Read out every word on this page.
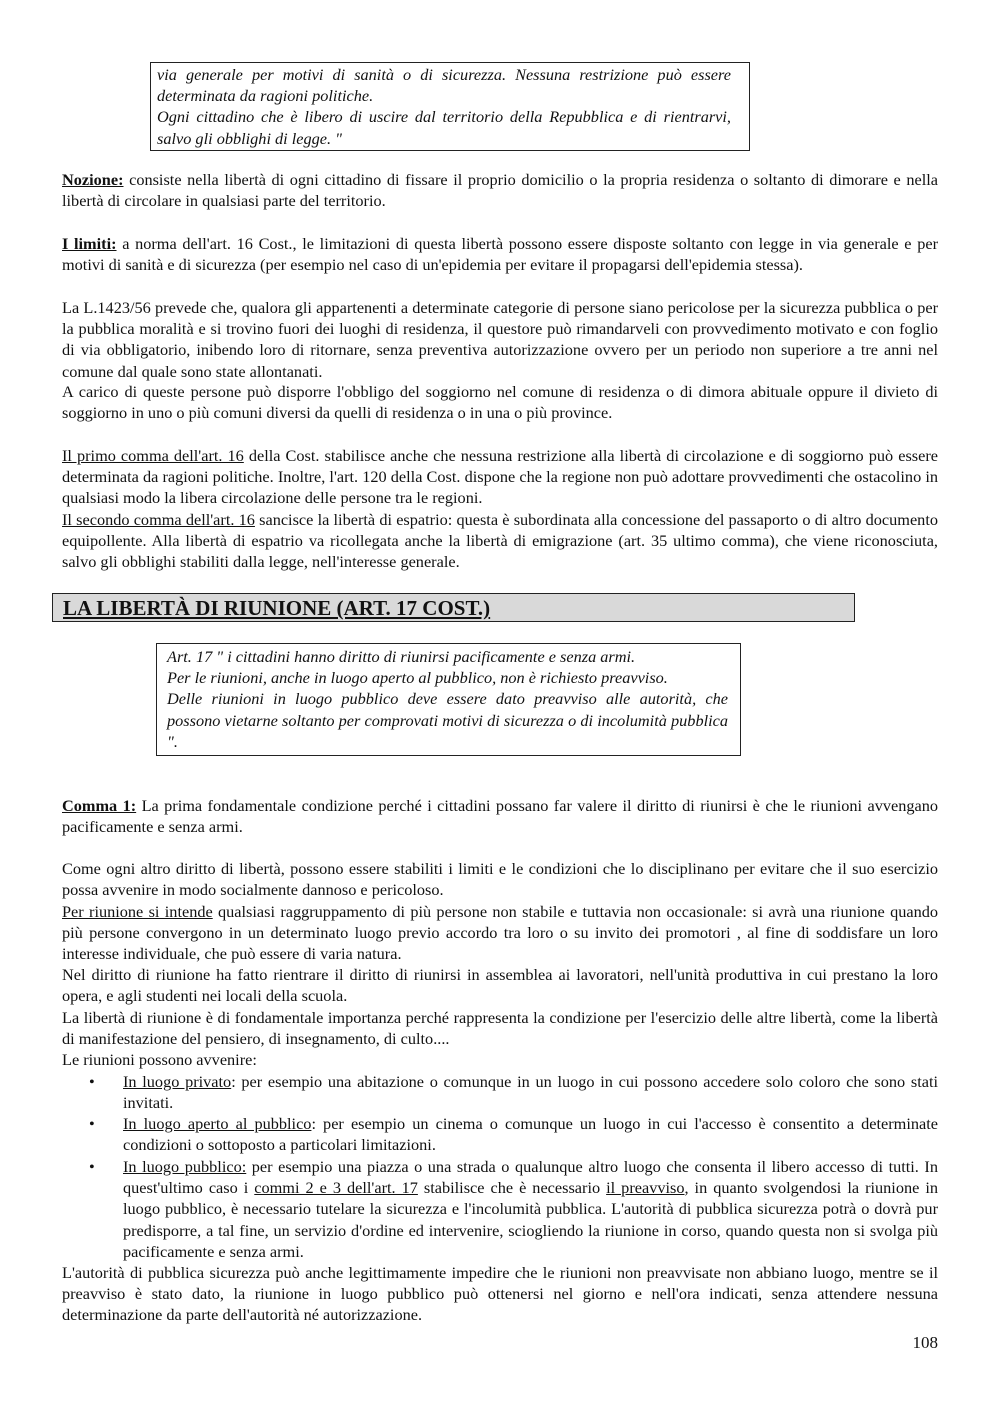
via generale per motivi di sanità o di sicurezza. Nessuna restrizione può essere determinata da ragioni politiche.
Ogni cittadino che è libero di uscire dal territorio della Repubblica e di rientrarvi, salvo gli obblighi di legge. "
Nozione: consiste nella libertà di ogni cittadino di fissare il proprio domicilio o la propria residenza o soltanto di dimorare e nella libertà di circolare in qualsiasi parte del territorio.
I limiti: a norma dell'art. 16 Cost., le limitazioni di questa libertà possono essere disposte soltanto con legge in via generale e per motivi di sanità e di sicurezza (per esempio nel caso di un'epidemia per evitare il propagarsi dell'epidemia stessa).
La L.1423/56 prevede che, qualora gli appartenenti a determinate categorie di persone siano pericolose per la sicurezza pubblica o per la pubblica moralità e si trovino fuori dei luoghi di residenza, il questore può rimandarveli con provvedimento motivato e con foglio di via obbligatorio, inibendo loro di ritornare, senza preventiva autorizzazione ovvero per un periodo non superiore a tre anni nel comune dal quale sono state allontanati.
A carico di queste persone può disporre l'obbligo del soggiorno nel comune di residenza o di dimora abituale oppure il divieto di soggiorno in uno o più comuni diversi da quelli di residenza o in una o più province.
Il primo comma dell'art. 16 della Cost. stabilisce anche che nessuna restrizione alla libertà di circolazione e di soggiorno può essere determinata da ragioni politiche. Inoltre, l'art. 120 della Cost. dispone che la regione non può adottare provvedimenti che ostacolino in qualsiasi modo la libera circolazione delle persone tra le regioni.
Il secondo comma dell'art. 16 sancisce la libertà di espatrio: questa è subordinata alla concessione del passaporto o di altro documento equipollente. Alla libertà di espatrio va ricollegata anche la libertà di emigrazione (art. 35 ultimo comma), che viene riconosciuta, salvo gli obblighi stabiliti dalla legge, nell'interesse generale.
LA LIBERTÀ DI RIUNIONE (ART. 17 COST.)
Art. 17 " i cittadini hanno diritto di riunirsi pacificamente e senza armi.
Per le riunioni, anche in luogo aperto al pubblico, non è richiesto preavviso.
Delle riunioni in luogo pubblico deve essere dato preavviso alle autorità, che possono vietarne soltanto per comprovati motivi di sicurezza o di incolumità pubblica ".
Comma 1: La prima fondamentale condizione perché i cittadini possano far valere il diritto di riunirsi è che le riunioni avvengano pacificamente e senza armi.
Come ogni altro diritto di libertà, possono essere stabiliti i limiti e le condizioni che lo disciplinano per evitare che il suo esercizio possa avvenire in modo socialmente dannoso e pericoloso.
Per riunione si intende qualsiasi raggruppamento di più persone non stabile e tuttavia non occasionale: si avrà una riunione quando più persone convergono in un determinato luogo previo accordo tra loro o su invito dei promotori , al fine di soddisfare un loro interesse individuale, che può essere di varia natura.
Nel diritto di riunione ha fatto rientrare il diritto di riunirsi in assemblea ai lavoratori, nell'unità produttiva in cui prestano la loro opera, e agli studenti nei locali della scuola.
La libertà di riunione è di fondamentale importanza perché rappresenta la condizione per l'esercizio delle altre libertà, come la libertà di manifestazione del pensiero, di insegnamento, di culto....
Le riunioni possono avvenire:
• In luogo privato: per esempio una abitazione o comunque in un luogo in cui possono accedere solo coloro che sono stati invitati.
• In luogo aperto al pubblico: per esempio un cinema o comunque un luogo in cui l'accesso è consentito a determinate condizioni o sottoposto a particolari limitazioni.
• In luogo pubblico: per esempio una piazza o una strada o qualunque altro luogo che consenta il libero accesso di tutti. In quest'ultimo caso i commi 2 e 3 dell'art. 17 stabilisce che è necessario il preavviso, in quanto svolgendosi la riunione in luogo pubblico, è necessario tutelare la sicurezza e l'incolumità pubblica. L'autorità di pubblica sicurezza potrà o dovrà pur predisporre, a tal fine, un servizio d'ordine ed intervenire, sciogliendo la riunione in corso, quando questa non si svolga più pacificamente e senza armi.
L'autorità di pubblica sicurezza può anche legittimamente impedire che le riunioni non preavvisate non abbiano luogo, mentre se il preavviso è stato dato, la riunione in luogo pubblico può ottenersi nel giorno e nell'ora indicati, senza attendere nessuna determinazione da parte dell'autorità né autorizzazione.
108
